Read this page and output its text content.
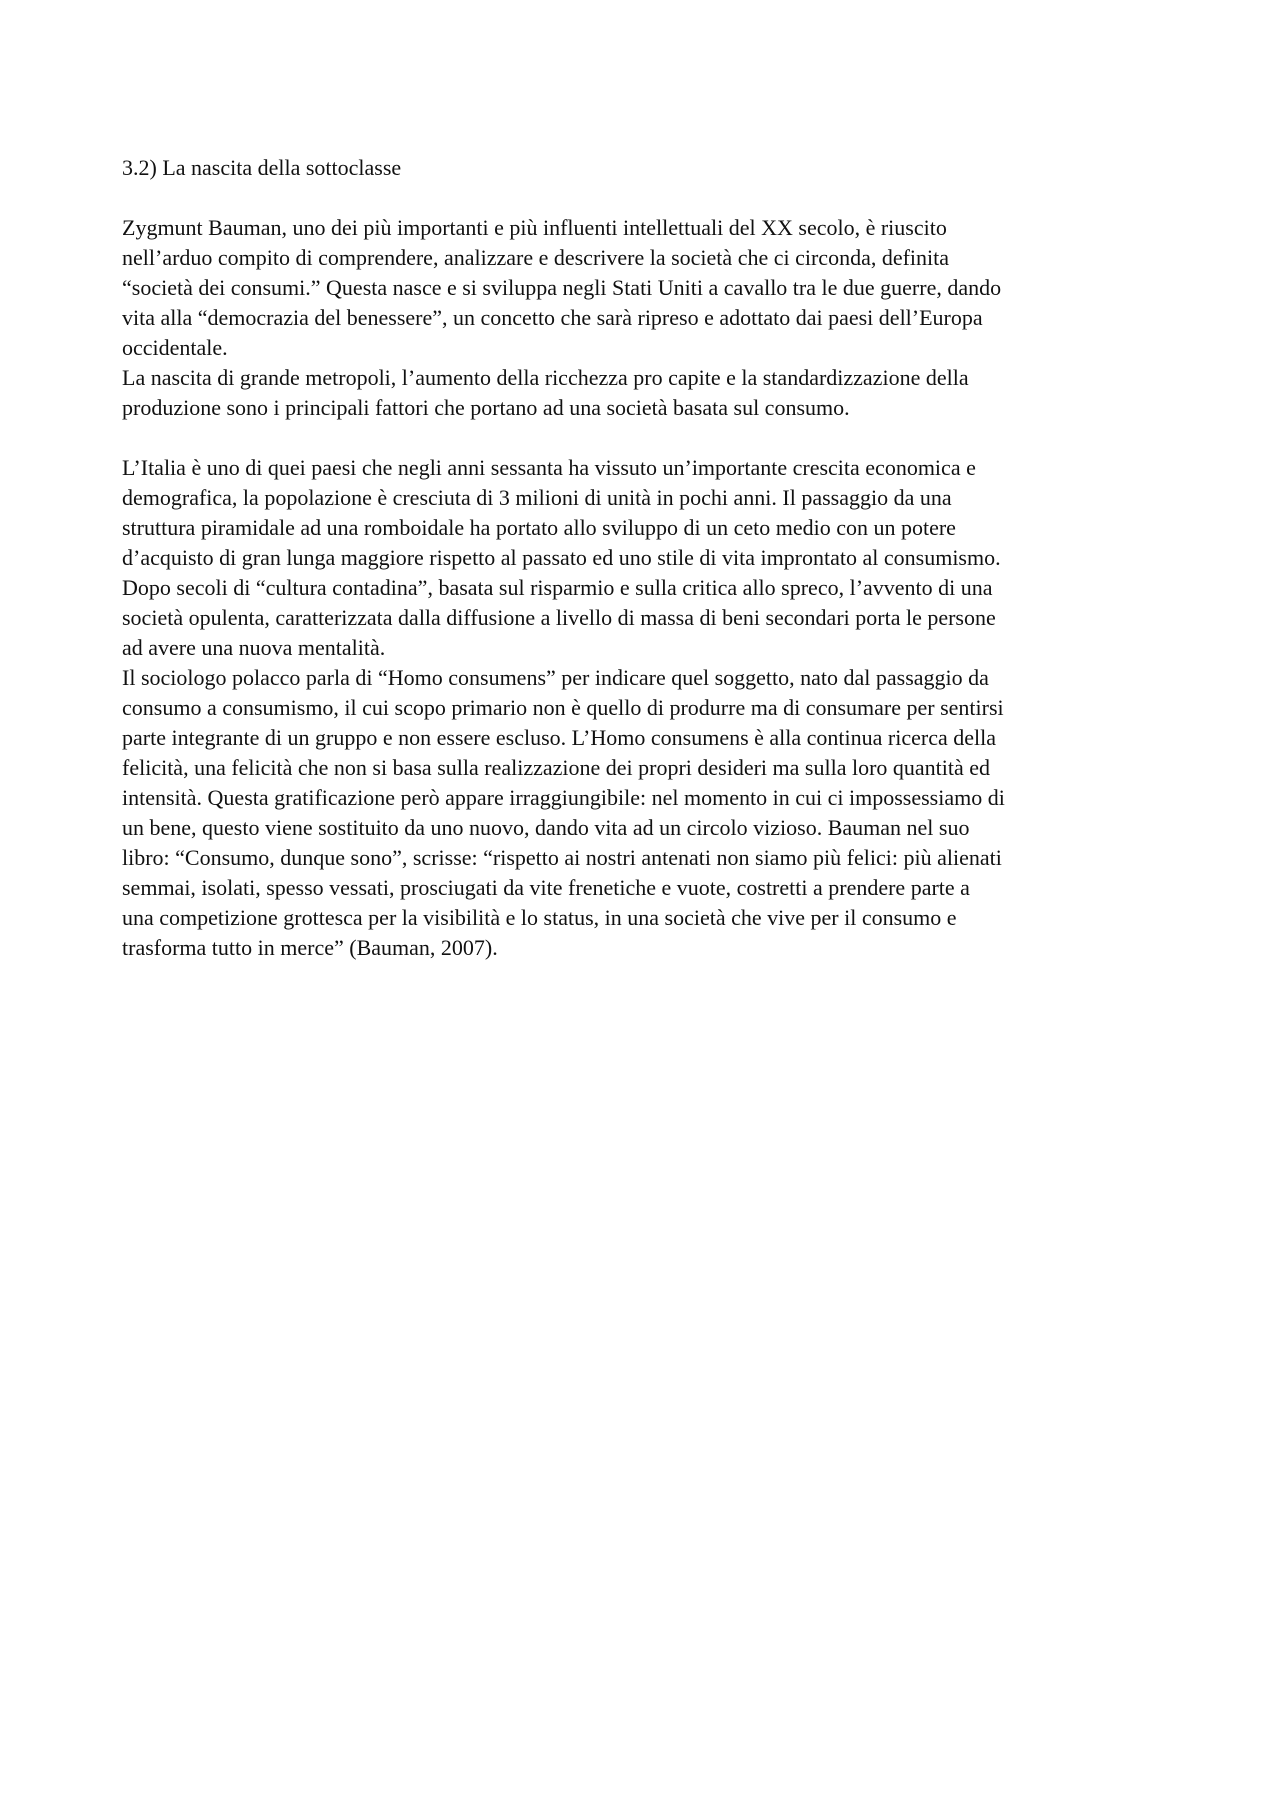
3.2) La nascita della sottoclasse
Zygmunt Bauman, uno dei più importanti e più influenti intellettuali del XX secolo, è riuscito
nell’arduo compito di comprendere, analizzare e descrivere la società che ci circonda, definita
“società dei consumi.” Questa nasce e si sviluppa negli Stati Uniti a cavallo tra le due guerre, dando
vita alla “democrazia del benessere”, un concetto che sarà ripreso e adottato dai paesi dell’Europa
occidentale.
La nascita di grande metropoli, l’aumento della ricchezza pro capite e la standardizzazione della
produzione sono i principali fattori che portano ad una società basata sul consumo.
L’Italia è uno di quei paesi che negli anni sessanta ha vissuto un’importante crescita economica e
demografica, la popolazione è cresciuta di 3 milioni di unità in pochi anni. Il passaggio da una
struttura piramidale ad una romboidale ha portato allo sviluppo di un ceto medio con un potere
d’acquisto di gran lunga maggiore rispetto al passato ed uno stile di vita improntato al consumismo.
Dopo secoli di “cultura contadina”, basata sul risparmio e sulla critica allo spreco, l’avvento di una
società opulenta, caratterizzata dalla diffusione a livello di massa di beni secondari porta le persone
ad avere una nuova mentalità.
Il sociologo polacco parla di “Homo consumens” per indicare quel soggetto, nato dal passaggio da
consumo a consumismo, il cui scopo primario non è quello di produrre ma di consumare per sentirsi
parte integrante di un gruppo e non essere escluso. L’Homo consumens è alla continua ricerca della
felicità, una felicità che non si basa sulla realizzazione dei propri desideri ma sulla loro quantità ed
intensità. Questa gratificazione però appare irraggiungibile: nel momento in cui ci impossessiamo di
un bene, questo viene sostituito da uno nuovo, dando vita ad un circolo vizioso. Bauman nel suo
libro: “Consumo, dunque sono”, scrisse: “rispetto ai nostri antenati non siamo più felici: più alienati
semmai, isolati, spesso vessati, prosciugati da vite frenetiche e vuote, costretti a prendere parte a
una competizione grottesca per la visibilità e lo status, in una società che vive per il consumo e
trasforma tutto in merce” (Bauman, 2007).
